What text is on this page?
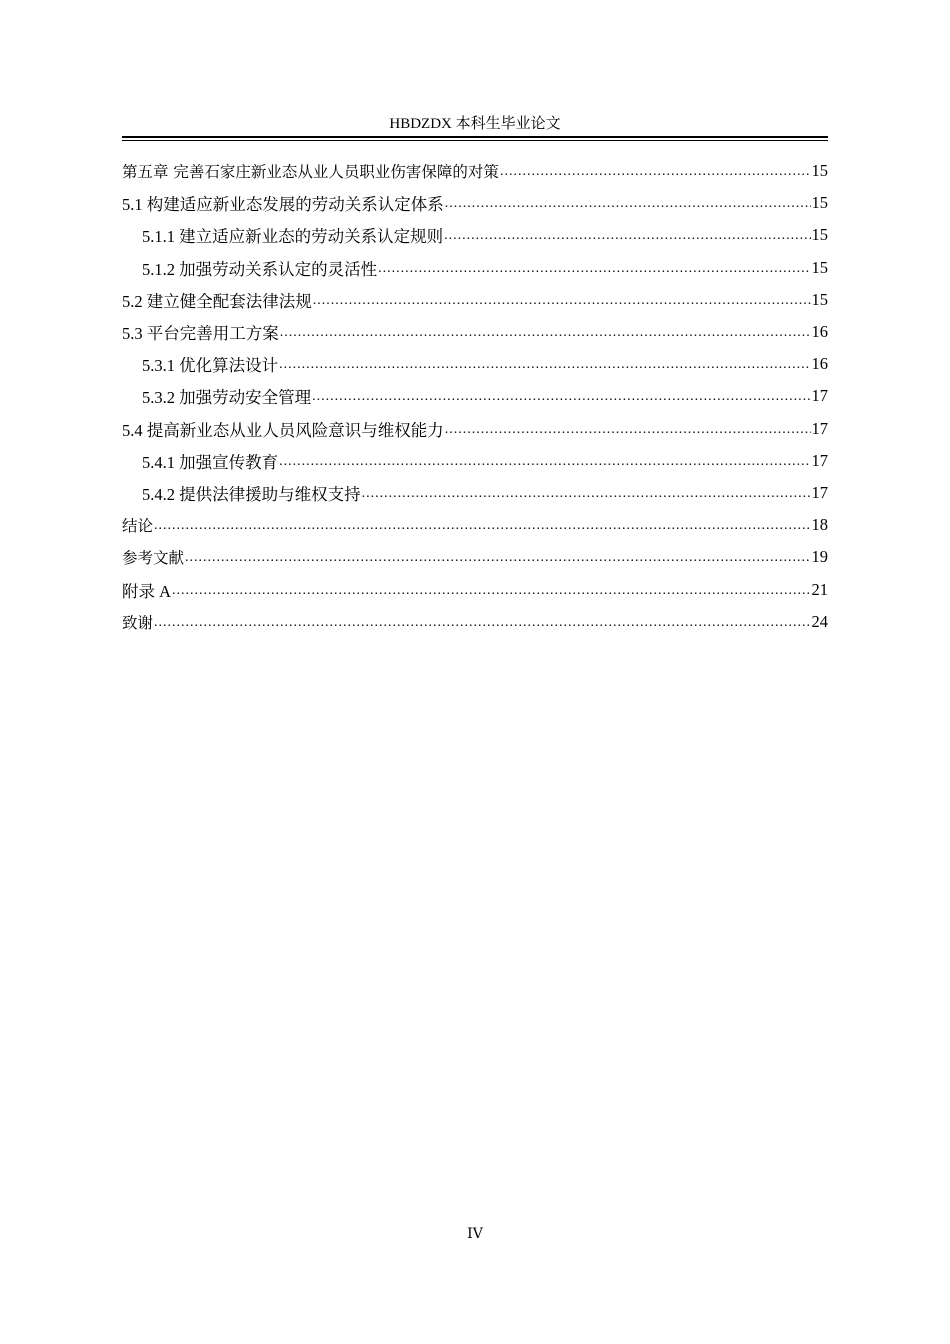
HBDZDX 本科生毕业论文
第五章 完善石家庄新业态从业人员职业伤害保障的对策 .....	15
5.1 构建适应新业态发展的劳动关系认定体系 .....	15
5.1.1 建立适应新业态的劳动关系认定规则 .....	15
5.1.2 加强劳动关系认定的灵活性 .....	15
5.2 建立健全配套法律法规 .....	15
5.3 平台完善用工方案 .....	16
5.3.1 优化算法设计 .....	16
5.3.2 加强劳动安全管理 .....	17
5.4 提高新业态从业人员风险意识与维权能力 .....	17
5.4.1 加强宣传教育 .....	17
5.4.2 提供法律援助与维权支持 .....	17
结论 .....	18
参考文献 .....	19
附录 A .....	21
致谢 .....	24
IV
